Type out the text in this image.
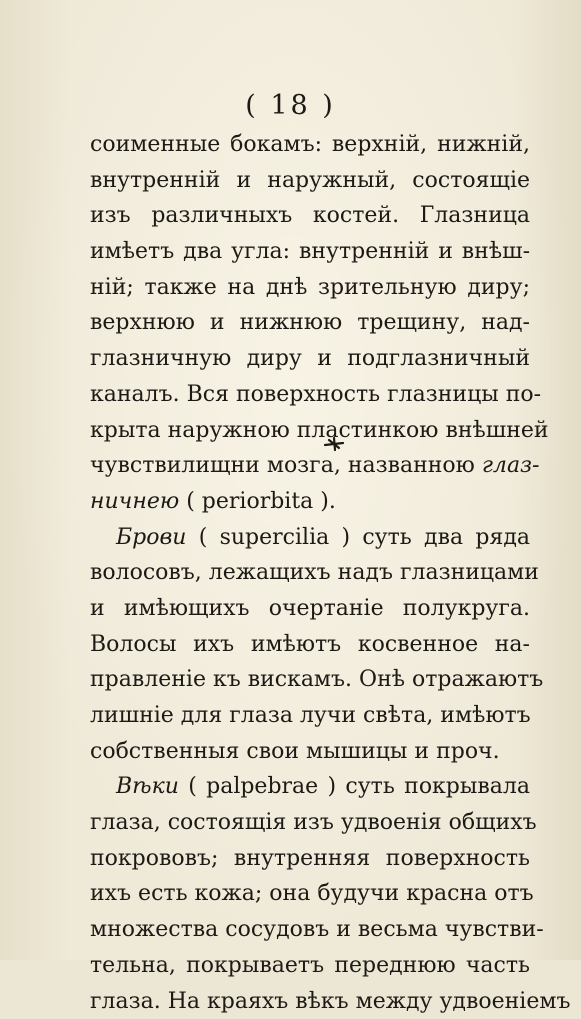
( 18 )
соименные бокамъ: верхній, нижній,
внутренній и наружный, состоящіе
изъ различныхъ костей. Глазница
имѣетъ два угла: внутренній и внѣш-
ній; также на днѣ зрительную диру;
верхнюю и нижнюю трещину, над-
глазничную диру и подглазничный
каналъ. Вся поверхность глазницы по-
крыта наружною пластинкою внѣшней
чувствилищни мозга, названною глаз-
ничнею ( periorbita ).
Брови ( supercilia ) суть два ряда
волосовъ, лежащихъ надъ глазницами
и имѣющихъ очертаніе полукруга.
Волосы ихъ имѣютъ косвенное на-
правленіе къ вискамъ. Онѣ отражаютъ
лишніе для глаза лучи свѣта, имѣютъ
собственныя свои мышицы и проч.
Вѣки ( palpebrae ) суть покрывала
глаза, состоящія изъ удвоенія общихъ
покрововъ; внутренняя поверхность
ихъ есть кожа; она будучи красна отъ
множества сосудовъ и весьма чувстви-
тельна, покрываетъ переднюю часть
глаза. На краяхъ вѣкъ между удвоеніемъ
